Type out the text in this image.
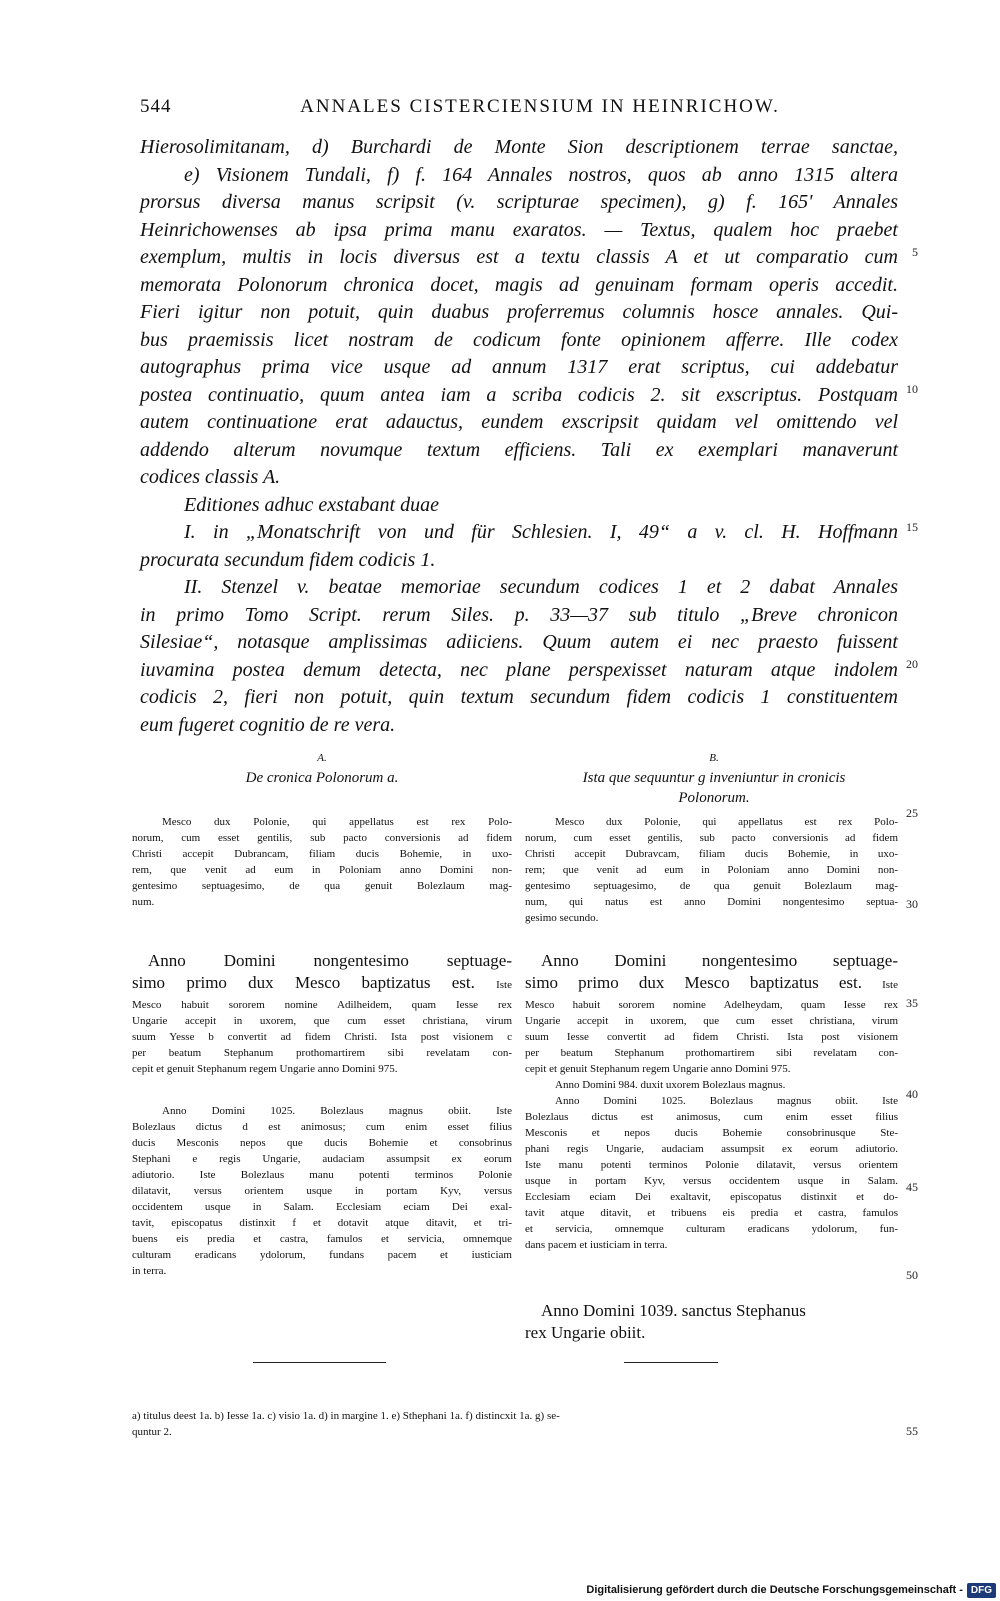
544	ANNALES CISTERCIENSIUM IN HEINRICHOW.
Hierosolimitanam, d) Burchardi de Monte Sion descriptionem terrae sanctae,
e) Visionem Tundali, f) f. 164 Annales nostros, quos ab anno 1315 altera
prorsus diversa manus scripsit (v. scripturae specimen), g) f. 165' Annales
Heinrichowenses ab ipsa prima manu exaratos. — Textus, qualem hoc praebet
exemplum, multis in locis diversus est a textu classis A et ut comparatio cum
memorata Polonorum chronica docet, magis ad genuinam formam operis accedit.
Fieri igitur non potuit, quin duabus proferremus columnis hosce annales. Qui-
bus praemissis licet nostram de codicum fonte opinionem afferre. Ille codex
autographus prima vice usque ad annum 1317 erat scriptus, cui addebatur
postea continuatio, quum antea iam a scriba codicis 2. sit exscriptus. Postquam
autem continuatione erat adauctus, eundem exscripsit quidam vel omittendo vel
addendo alterum novumque textum efficiens. Tali ex exemplari manaverunt
codices classis A.
Editiones adhuc exstabant duae
I. in „Monatschrift von und für Schlesien. I, 49“ a v. cl. H. Hoffmann
procurata secundum fidem codicis 1.
II. Stenzel v. beatae memoriae secundum codices 1 et 2 dabat Annales
in primo Tomo Script. rerum Siles. p. 33—37 sub titulo „Breve chronicon
Silesiae“, notasque amplissimas adiiciens. Quum autem ei nec praesto fuissent
iuvamina postea demum detecta, nec plane perspexisset naturam atque indolem
codicis 2, fieri non potuit, quin textum secundum fidem codicis 1 constituentem
eum fugeret cognitio de re vera.
5
10
15
20
25
30
35
40
45
50
55
A.
De cronica Polonorum a.
Mesco dux Polonie, qui appellatus est rex Polo-
norum, cum esset gentilis, sub pacto conversionis ad fidem
Christi accepit Dubrancam, filiam ducis Bohemie, in uxo-
rem, que venit ad eum in Poloniam anno Domini non-
gentesimo septuagesimo, de qua genuit Bolezlaum mag-
num.
Anno Domini nongentesimo septuage-
simo primo dux Mesco baptizatus est. Iste
Mesco habuit sororem nomine Adilheidem, quam Iesse rex
Ungarie accepit in uxorem, que cum esset christiana, virum
suum Yesse b convertit ad fidem Christi. Ista post visionem c
per beatum Stephanum prothomartirem sibi revelatam con-
cepit et genuit Stephanum regem Ungarie anno Domini 975.
Anno Domini 1025. Bolezlaus magnus obiit. Iste
Bolezlaus dictus d est animosus; cum enim esset filius
ducis Mesconis nepos que ducis Bohemie et consobrinus
Stephani e regis Ungarie, audaciam assumpsit ex eorum
adiutorio. Iste Bolezlaus manu potenti terminos Polonie
dilatavit, versus orientem usque in portam Kyv, versus
occidentem usque in Salam. Ecclesiam eciam Dei exal-
tavit, episcopatus distinxit f et dotavit atque ditavit, et tri-
buens eis predia et castra, famulos et servicia, omnemque
culturam eradicans ydolorum, fundans pacem et iusticiam
in terra.
B.
Ista que sequuntur g inveniuntur in cronicis
Polonorum.
Mesco dux Polonie, qui appellatus est rex Polo-
norum, cum esset gentilis, sub pacto conversionis ad fidem
Christi accepit Dubravcam, filiam ducis Bohemie, in uxo-
rem; que venit ad eum in Poloniam anno Domini non-
gentesimo septuagesimo, de qua genuit Bolezlaum mag-
num, qui natus est anno Domini nongentesimo septua-
gesimo secundo.
Anno Domini nongentesimo septuage-
simo primo dux Mesco baptizatus est. Iste
Mesco habuit sororem nomine Adelheydam, quam Iesse rex
Ungarie accepit in uxorem, que cum esset christiana, virum
suum Iesse convertit ad fidem Christi. Ista post visionem
per beatum Stephanum prothomartirem sibi revelatam con-
cepit et genuit Stephanum regem Ungarie anno Domini 975.
Anno Domini 984. duxit uxorem Bolezlaus magnus.
Anno Domini 1025. Bolezlaus magnus obiit. Iste
Bolezlaus dictus est animosus, cum enim esset filius
Mesconis et nepos ducis Bohemie consobrinusque Ste-
phani regis Ungarie, audaciam assumpsit ex eorum adiutorio.
Iste manu potenti terminos Polonie dilatavit, versus orientem
usque in portam Kyv, versus occidentem usque in Salam.
Ecclesiam eciam Dei exaltavit, episcopatus distinxit et do-
tavit atque ditavit, et tribuens eis predia et castra, famulos
et servicia, omnemque culturam eradicans ydolorum, fun-
dans pacem et iusticiam in terra.
Anno Domini 1039. sanctus Stephanus
rex Ungarie obiit.
a) titulus deest 1a. b) Iesse 1a. c) visio 1a. d) in margine 1. e) Sthephani 1a. f) distincxit 1a. g) se-
quntur 2.
Digitalisierung gefördert durch die Deutsche Forschungsgemeinschaft - DFG
